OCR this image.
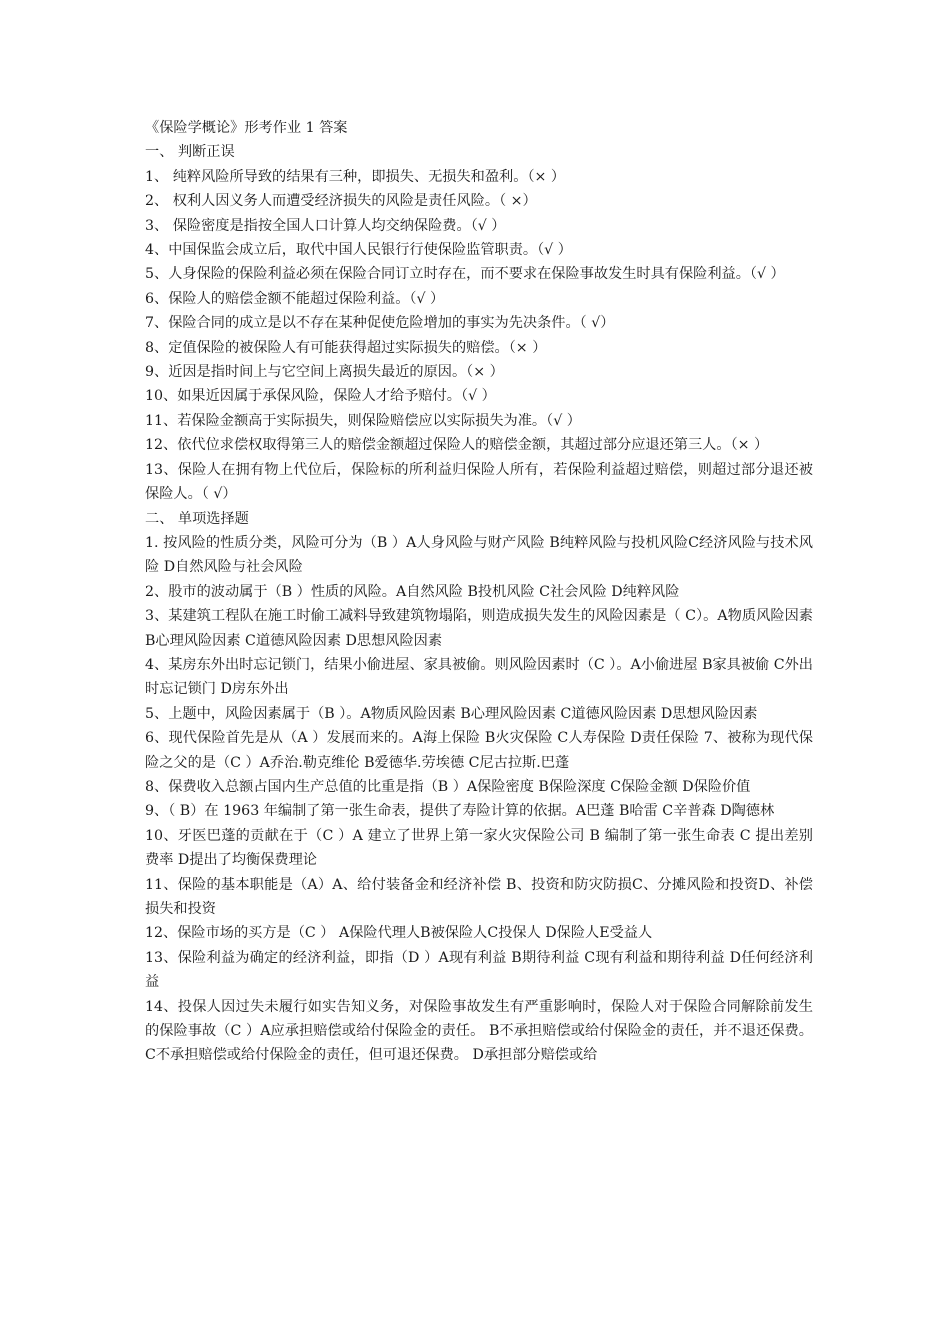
《保险学概论》形考作业 1 答案

一、 判断正误

1、 纯粹风险所导致的结果有三种，即损失、无损失和盈利。（× ）

2、 权利人因义务人而遭受经济损失的风险是责任风险。（ ×）

3、 保险密度是指按全国人口计算人均交纳保险费。（√ ）

4、中国保监会成立后，取代中国人民银行行使保险监管职责。（√ ）

5、人身保险的保险利益必须在保险合同订立时存在，而不要求在保险事故发生时具有保险利益。（√ ）

6、保险人的赔偿金额不能超过保险利益。（√ ）

7、保险合同的成立是以不存在某种促使危险增加的事实为先决条件。（ √）

8、定值保险的被保险人有可能获得超过实际损失的赔偿。（× ）

9、近因是指时间上与它空间上离损失最近的原因。（× ）

10、如果近因属于承保风险，保险人才给予赔付。（√ ）

11、若保险金额高于实际损失，则保险赔偿应以实际损失为准。（√ ）

12、依代位求偿权取得第三人的赔偿金额超过保险人的赔偿金额，其超过部分应退还第三人。（× ）

13、保险人在拥有物上代位后，保险标的所利益归保险人所有，若保险利益超过赔偿，则超过部分退还被保险人。（ √）

二、 单项选择题

1. 按风险的性质分类，风险可分为（B ）A人身风险与财产风险 B纯粹风险与投机风险C经济风险与技术风险 D自然风险与社会风险

2、股市的波动属于（B ）性质的风险。A自然风险 B投机风险 C社会风险 D纯粹风险

3、某建筑工程队在施工时偷工减料导致建筑物塌陷，则造成损失发生的风险因素是（ C）。A物质风险因素 B心理风险因素 C道德风险因素 D思想风险因素

4、某房东外出时忘记锁门，结果小偷进屋、家具被偷。则风险因素时（C ）。A小偷进屋 B家具被偷 C外出时忘记锁门 D房东外出

5、上题中，风险因素属于（B ）。A物质风险因素 B心理风险因素 C道德风险因素 D思想风险因素

6、现代保险首先是从（A ）发展而来的。A海上保险 B火灾保险 C人寿保险 D责任保险 7、被称为现代保险之父的是（C ）A乔治.勒克维伦 B爱德华.劳埃德 C尼古拉斯.巴蓬

8、保费收入总额占国内生产总值的比重是指（B ）A保险密度 B保险深度 C保险金额 D保险价值

9、（ B）在 1963 年编制了第一张生命表，提供了寿险计算的依据。A巴蓬 B哈雷 C辛普森 D陶德林

10、牙医巴蓬的贡献在于（C ）A 建立了世界上第一家火灾保险公司 B 编制了第一张生命表 C 提出差别费率 D提出了均衡保费理论

11、保险的基本职能是（A）A、给付装备金和经济补偿 B、投资和防灾防损C、分摊风险和投资D、补偿损失和投资

12、保险市场的买方是（C ） A保险代理人B被保险人C投保人 D保险人E受益人

13、保险利益为确定的经济利益，即指（D ）A现有利益 B期待利益 C现有利益和期待利益 D任何经济利益

14、投保人因过失未履行如实告知义务，对保险事故发生有严重影响时，保险人对于保险合同解除前发生的保险事故（C ）A应承担赔偿或给付保险金的责任。 B不承担赔偿或给付保险金的责任，并不退还保费。 C不承担赔偿或给付保险金的责任，但可退还保费。 D承担部分赔偿或给
